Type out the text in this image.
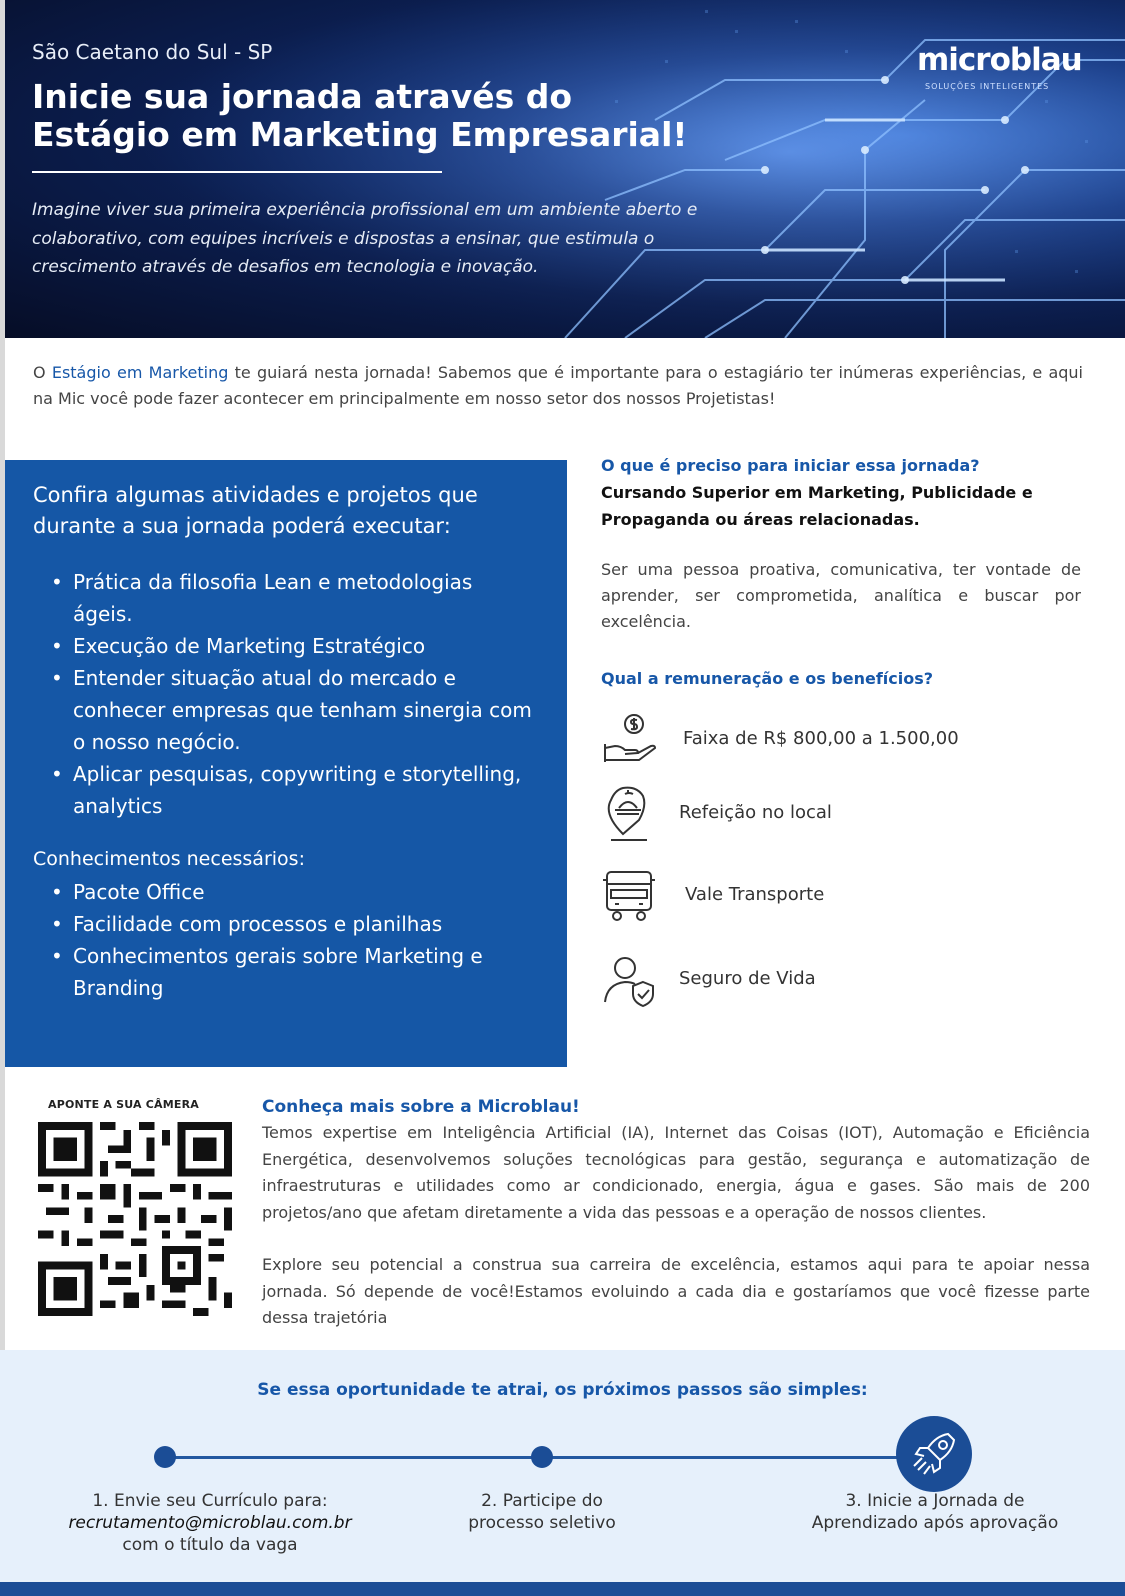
São Caetano do Sul - SP
Inicie sua jornada através do
Estágio em Marketing Empresarial!

Imagine viver sua primeira experiência profissional em um ambiente aberto e colaborativo, com equipes incríveis e dispostas a ensinar, que estimula o crescimento através de desafios em tecnologia e inovação.

microblau
SOLUÇÕES INTELIGENTES

O Estágio em Marketing te guiará nesta jornada! Sabemos que é importante para o estagiário ter inúmeras experiências, e aqui na Mic você pode fazer acontecer em principalmente em nosso setor dos nossos Projetistas!

Confira algumas atividades e projetos que durante a sua jornada poderá executar:
• Prática da filosofia Lean e metodologias ágeis.
• Execução de Marketing Estratégico
• Entender situação atual do mercado e conhecer empresas que tenham sinergia com o nosso negócio.
• Aplicar pesquisas, copywriting e storytelling, analytics
Conhecimentos necessários:
• Pacote Office
• Facilidade com processos e planilhas
• Conhecimentos gerais sobre Marketing e Branding
O que é preciso para iniciar essa jornada?
Cursando Superior em Marketing, Publicidade e Propaganda ou áreas relacionadas.

Ser uma pessoa proativa, comunicativa, ter vontade de aprender, ser comprometida, analítica e buscar por excelência.

Qual a remuneração e os benefícios?
Faixa de R$ 800,00 a 1.500,00
Refeição no local
Vale Transporte
Seguro de Vida
APONTE A SUA CÂMERA	Conheça mais sobre a Microblau!

Temos expertise em Inteligência Artificial (IA), Internet das Coisas (IOT), Automação e Eficiência Energética, desenvolvemos soluções tecnológicas para gestão, segurança e automatização de infraestruturas e utilidades como ar condicionado, energia, água e gases. São mais de 200 projetos/ano que afetam diretamente a vida das pessoas e a operação de nossos clientes.

Explore seu potencial a construa sua carreira de excelência, estamos aqui para te apoiar nessa jornada. Só depende de você!Estamos evoluindo a cada dia e gostaríamos que você fizesse parte dessa trajetória

Se essa oportunidade te atrai, os próximos passos são simples:
1. Envie seu Currículo para:
recrutamento@microblau.com.br
com o título da vaga
2. Participe do
processo seletivo
3. Inicie a Jornada de
Aprendizado após aprovação
